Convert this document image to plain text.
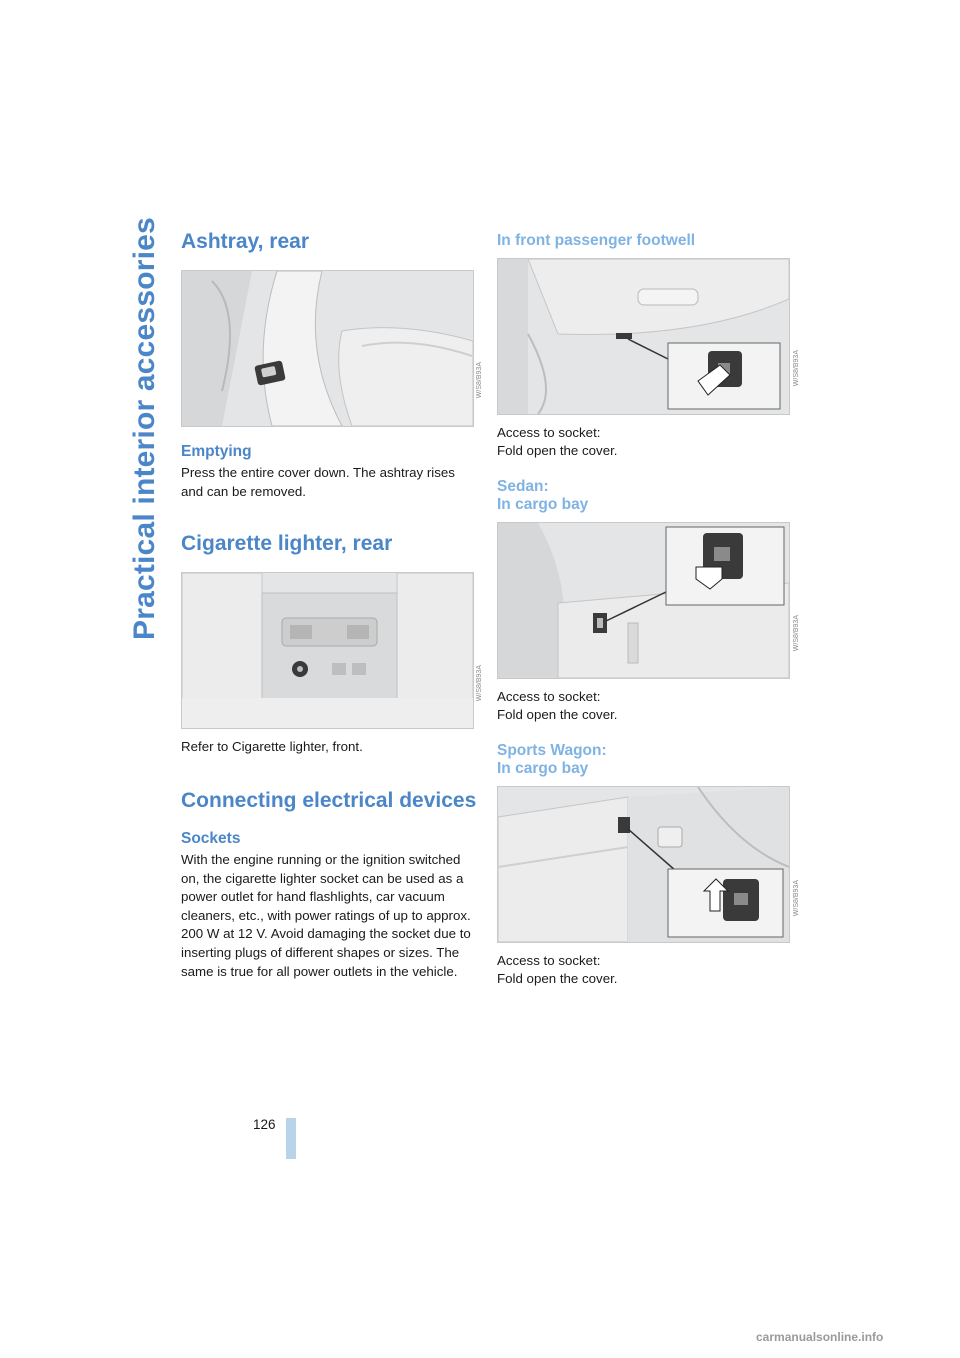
Practical interior accessories Ashtray, rear
W/S8/B93A
Emptying

Press the entire cover down. The ashtray rises and can be removed.

Cigarette lighter, rear
W/S8/B93A

Refer to Cigarette lighter, front.

Connecting electrical devices
Sockets

With the engine running or the ignition switched on, the cigarette lighter socket can be used as a power outlet for hand flashlights, car vacuum cleaners, etc., with power ratings of up to approx. 200 W at 12 V. Avoid damaging the socket due to inserting plugs of different shapes or sizes. The same is true for all power outlets in the vehicle.

In front passenger footwell
W/S8/B93A

Access to socket:

Fold open the cover.

Sedan:
In cargo bay
W/S8/B93A

Access to socket:

Fold open the cover.

Sports Wagon:
In cargo bay
W/S8/B93A

Access to socket:

Fold open the cover.

126
carmanualsonline.info
